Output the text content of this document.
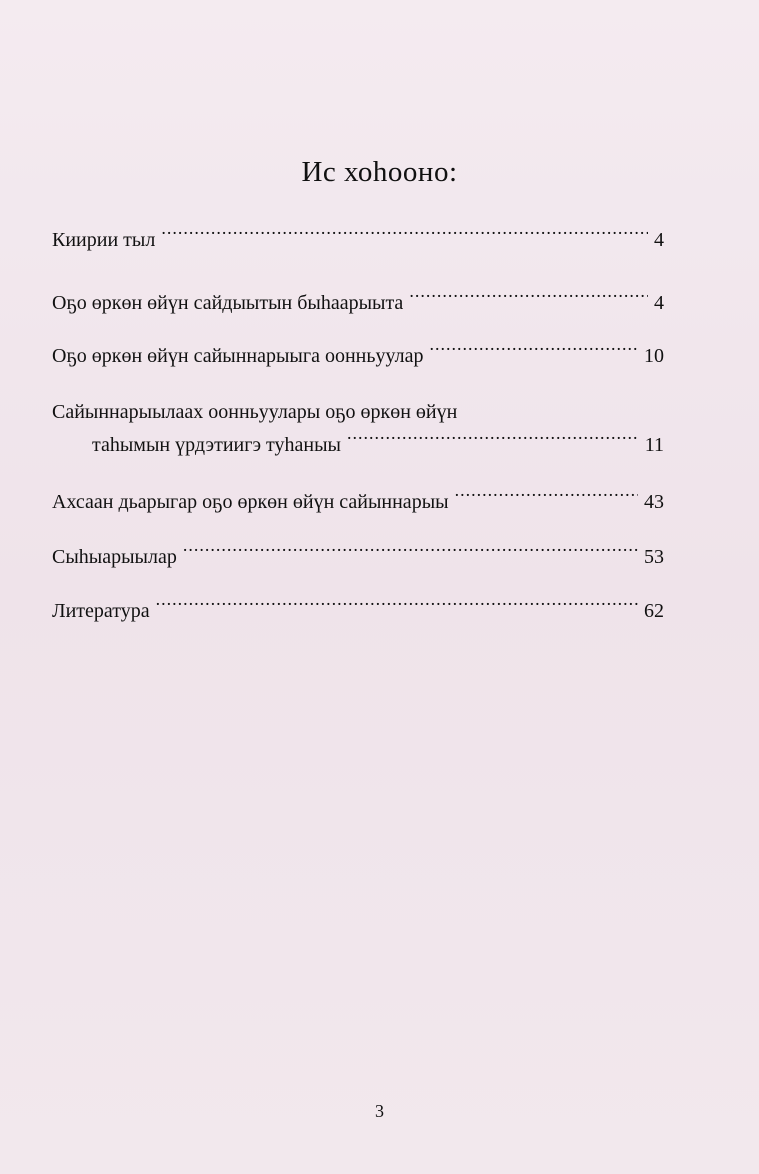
Ис хоhооно:
Киирии тыл .....	4
Оҕо өркөн өйүн сайдыытын быһаарыыта .....	4
Оҕо өркөн өйүн сайыннарыыга оонньуулар .....	10
Сайыннарыылаах оонньуулары оҕо өркөн өйүн
таһымын үрдэтиигэ туһаныы .....	11
Ахсаан дьарыгар оҕо өркөн өйүн сайыннарыы .....	43
Сыһыарыылар .....	53
Литература .....	62
3
